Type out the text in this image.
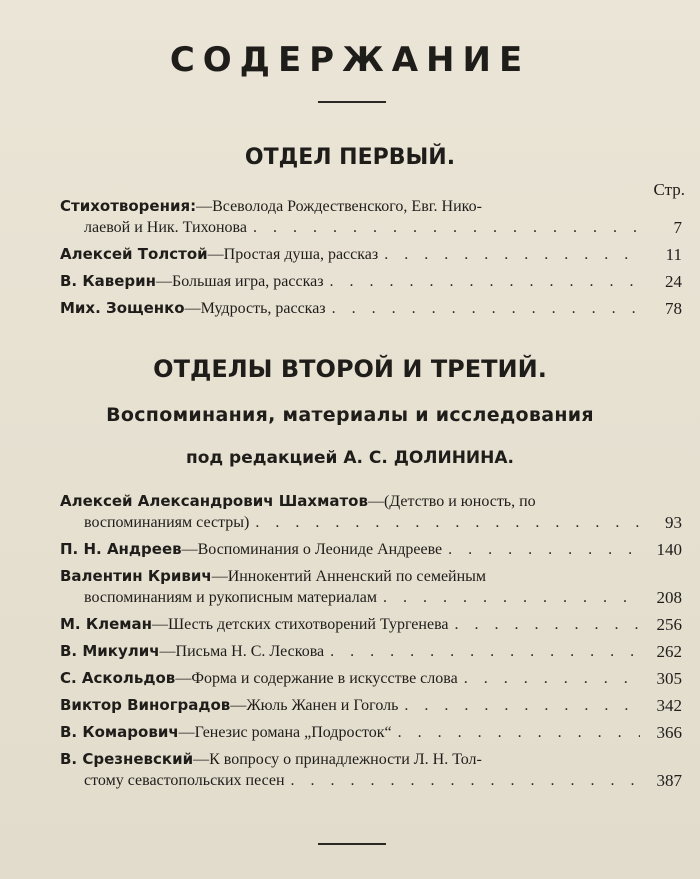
СОДЕРЖАНИЕ
ОТДЕЛ ПЕРВЫЙ.
Стр.
Стихотворения:—Всеволода Рождественского, Евг. Нико-
лаевой и Ник. Тихонова . . .	7
Алексей Толстой—Простая душа, рассказ . . .	11
В. Каверин—Большая игра, рассказ . . .	24
Мих. Зощенко—Мудрость, рассказ . . .	78
ОТДЕЛЫ ВТОРОЙ И ТРЕТИЙ.
Воспоминания, материалы и исследования
под редакцией А. С. ДОЛИНИНА.
Алексей Александрович Шахматов—(Детство и юность, по
воспоминаниям сестры) . . .	93
П. Н. Андреев—Воспоминания о Леониде Андрееве . . .	140
Валентин Кривич—Иннокентий Анненский по семейным
воспоминаниям и рукописным материалам . . .	208
М. Клеман—Шесть детских стихотворений Тургенева . . .	256
В. Микулич—Письма Н. С. Лескова . . .	262
С. Аскольдов—Форма и содержание в искусстве слова . . .	305
Виктор Виноградов—Жюль Жанен и Гоголь . . .	342
В. Комарович—Генезис романа „Подросток“ . . .	366
В. Срезневский—К вопросу о принадлежности Л. Н. Тол-
стому севастопольских песен . . .	387
